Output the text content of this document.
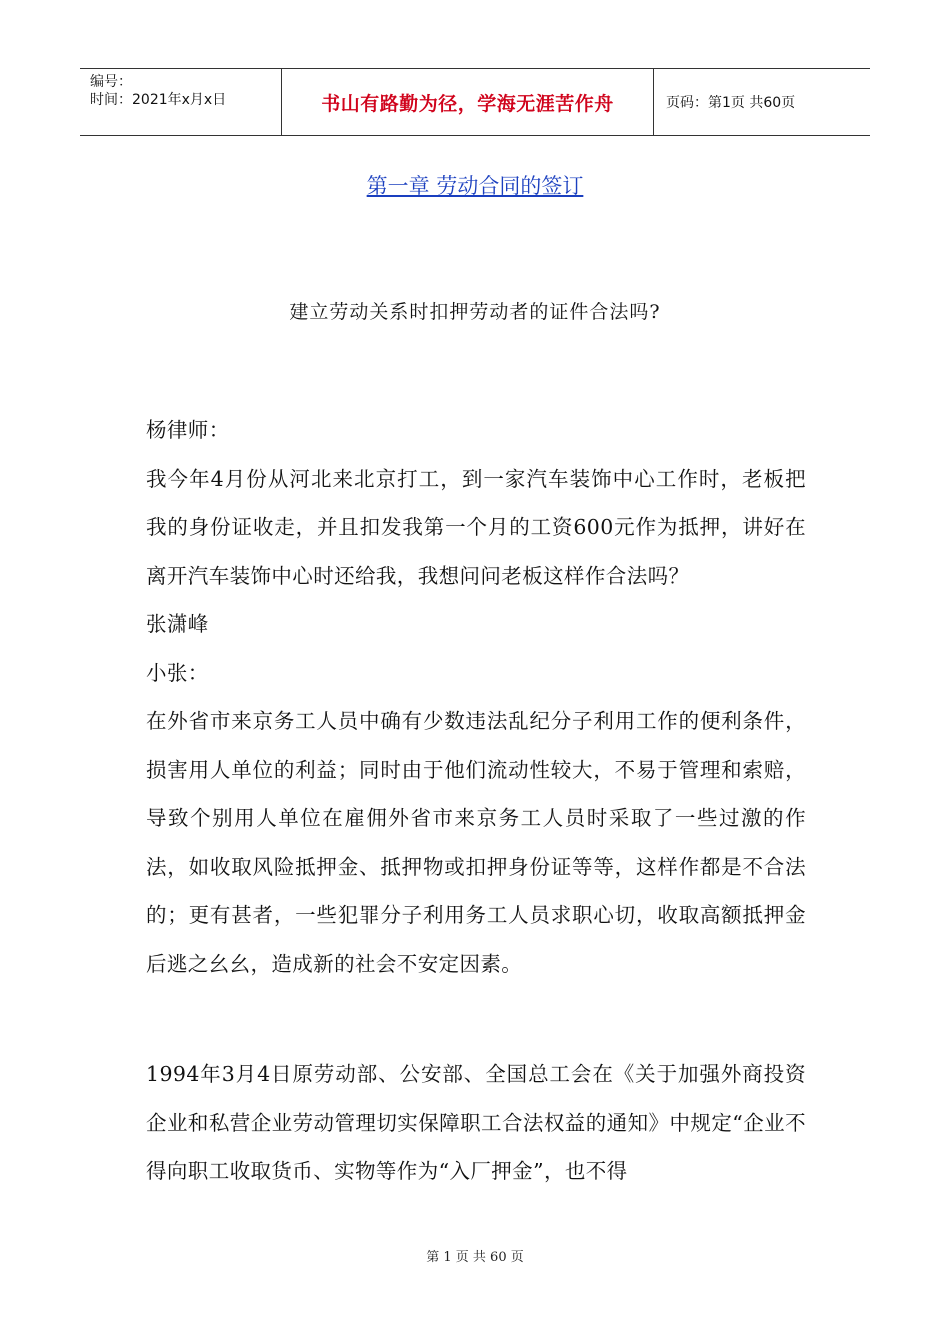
编号：
时间：2021年x月x日	书山有路勤为径，学海无涯苦作舟	页码：第1页 共60页
第一章 劳动合同的签订
建立劳动关系时扣押劳动者的证件合法吗?

杨律师：

我今年4月份从河北来北京打工，到一家汽车装饰中心工作时，老板把我的身份证收走，并且扣发我第一个月的工资600元作为抵押，讲好在离开汽车装饰中心时还给我，我想问问老板这样作合法吗？

张潇峰

小张：

在外省市来京务工人员中确有少数违法乱纪分子利用工作的便利条件，损害用人单位的利益；同时由于他们流动性较大，不易于管理和索赔，导致个别用人单位在雇佣外省市来京务工人员时采取了一些过激的作法，如收取风险抵押金、抵押物或扣押身份证等等，这样作都是不合法的；更有甚者，一些犯罪分子利用务工人员求职心切，收取高额抵押金后逃之幺幺，造成新的社会不安定因素。

1994年3月4日原劳动部、公安部、全国总工会在《关于加强外商投资企业和私营企业劳动管理切实保障职工合法权益的通知》中规定“企业不得向职工收取货币、实物等作为“入厂押金”，也不得

第 1 页 共 60 页
